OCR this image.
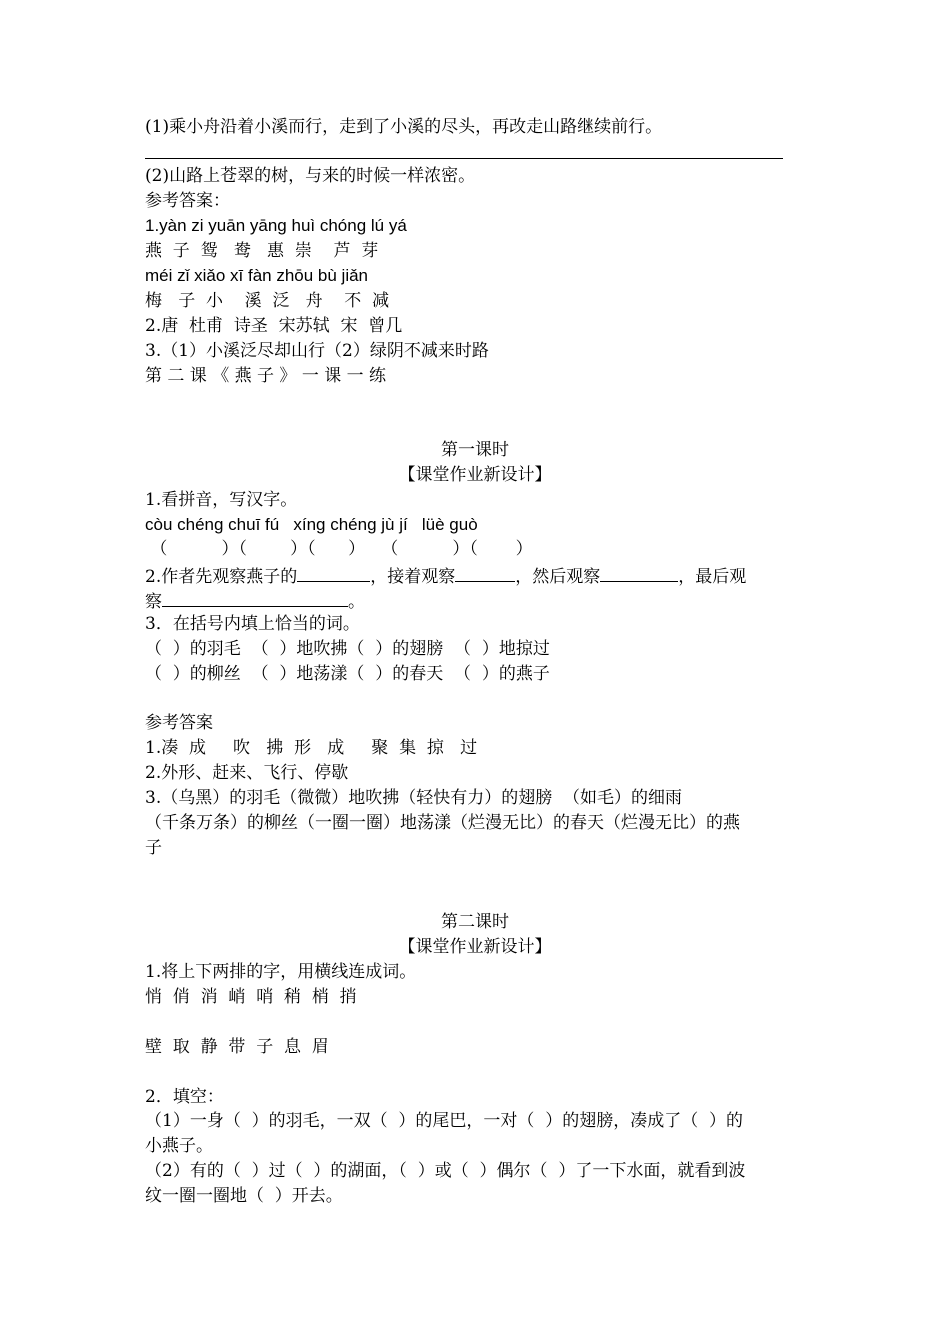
(1)乘小舟沿着小溪而行，走到了小溪的尽头，再改走山路继续前行。
(2)山路上苍翠的树，与来的时候一样浓密。
参考答案：
1.yàn zi yuān yāng huì chóng lú yá
燕  子  鸳   鸯   惠  崇    芦  芽
méi zǐ xiǎo xī fàn zhōu bù jiǎn
梅   子  小    溪  泛   舟    不  减
2.唐  杜甫  诗圣  宋苏轼  宋  曾几
3.（1）小溪泛尽却山行（2）绿阴不减来时路
第 二 课 《 燕 子 》 一 课 一 练
第一课时
【课堂作业新设计】
1.看拼音，写汉字。
còu chéng chuī fú   xíng chéng jù jí   lüè guò
（          ）（        ）（      ）   （          ）（       ）
2.作者先观察燕子的	，接着观察	，然后观察	，最后观
察	。
3．在括号内填上恰当的词。
（  ）的羽毛  （  ）地吹拂（  ）的翅膀  （  ）地掠过
（  ）的柳丝  （  ）地荡漾（  ）的春天  （  ）的燕子
参考答案
1.凑  成     吹   拂  形   成     聚  集  掠   过
2.外形、赶来、飞行、停歇
3.（乌黑）的羽毛（微微）地吹拂（轻快有力）的翅膀  （如毛）的细雨
（千条万条）的柳丝（一圈一圈）地荡漾（烂漫无比）的春天（烂漫无比）的燕
子
第二课时
【课堂作业新设计】
1.将上下两排的字，用横线连成词。
悄  俏  消  峭  哨  稍  梢  捎
壁  取  静  带  子  息  眉
2．填空：
（1）一身（  ）的羽毛，一双（  ）的尾巴，一对（  ）的翅膀，凑成了（  ）的
小燕子。
（2）有的（  ）过（  ）的湖面，（  ）或（  ）偶尔（  ）了一下水面，就看到波
纹一圈一圈地（  ）开去。
